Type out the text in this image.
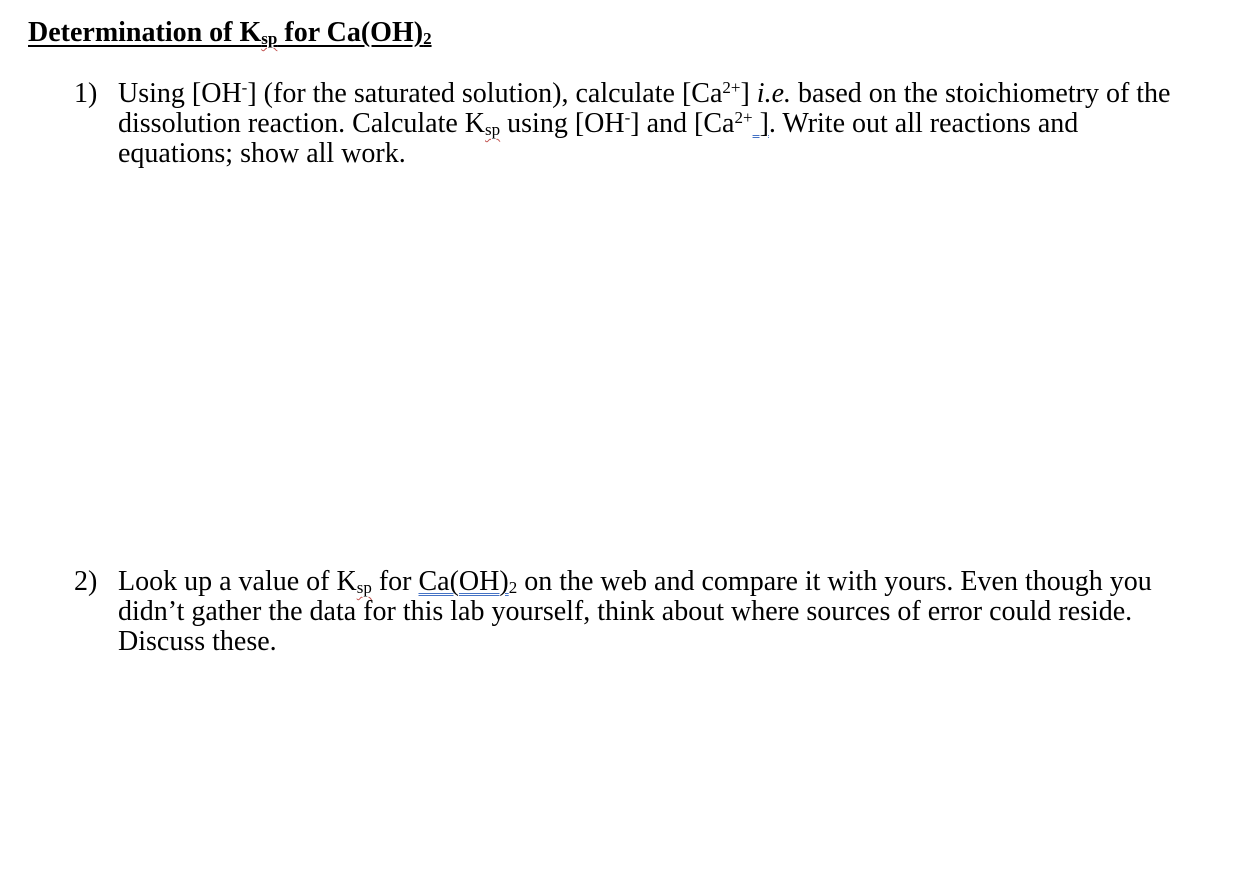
Determination of $K_{sp}$ for $Ca(OH)_2$
1) Using [OH-] (for the saturated solution), calculate $[Ca^{2+}]$ i.e. based on the stoichiometry of the dissolution reaction. Calculate $K_{sp}$ using [OH-] and [$Ca^{2+}$ ]. Write out all reactions and equations; show all work.
2) Look up a value of $K_{sp}$ for $Ca(OH)_2$ on the web and compare it with yours. Even though you didn’t gather the data for this lab yourself, think about where sources of error could reside. Discuss these.
